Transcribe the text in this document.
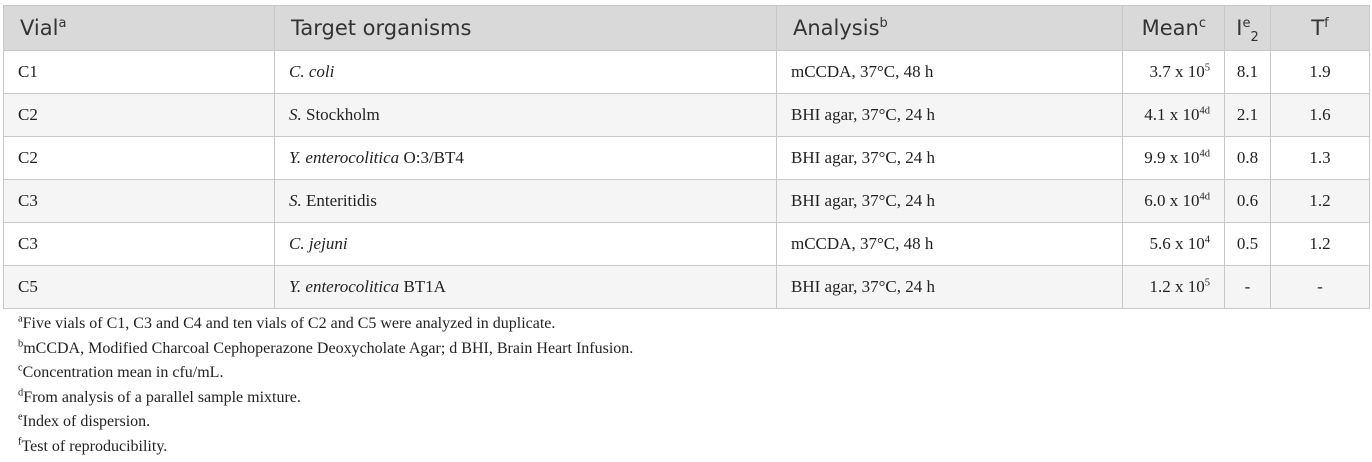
Vial$^a$	Target organisms	Analysis$^b$	Mean$^c$	$I^e_2$	$T^f$
C1	C. coli	mCCDA, 37°C, 48 h	3.7 x $10^5$	8.1	1.9
C2	S. Stockholm	BHI agar, 37°C, 24 h	4.1 x $10^{4d}$	2.1	1.6
C2	Y. enterocolitica O:3/BT4	BHI agar, 37°C, 24 h	9.9 x $10^{4d}$	0.8	1.3
C3	S. Enteritidis	BHI agar, 37°C, 24 h	6.0 x $10^{4d}$	0.6	1.2
C3	C. jejuni	mCCDA, 37°C, 48 h	5.6 x $10^4$	0.5	1.2
C5	Y. enterocolitica BT1A	BHI agar, 37°C, 24 h	1.2 x $10^5$	-	-
$^a$Five vials of C1, C3 and C4 and ten vials of C2 and C5 were analyzed in duplicate.
$^b$mCCDA, Modified Charcoal Cephoperazone Deoxycholate Agar; d BHI, Brain Heart Infusion.
$^c$Concentration mean in cfu/mL.
$^d$From analysis of a parallel sample mixture.
$^e$Index of dispersion.
$^f$Test of reproducibility.
